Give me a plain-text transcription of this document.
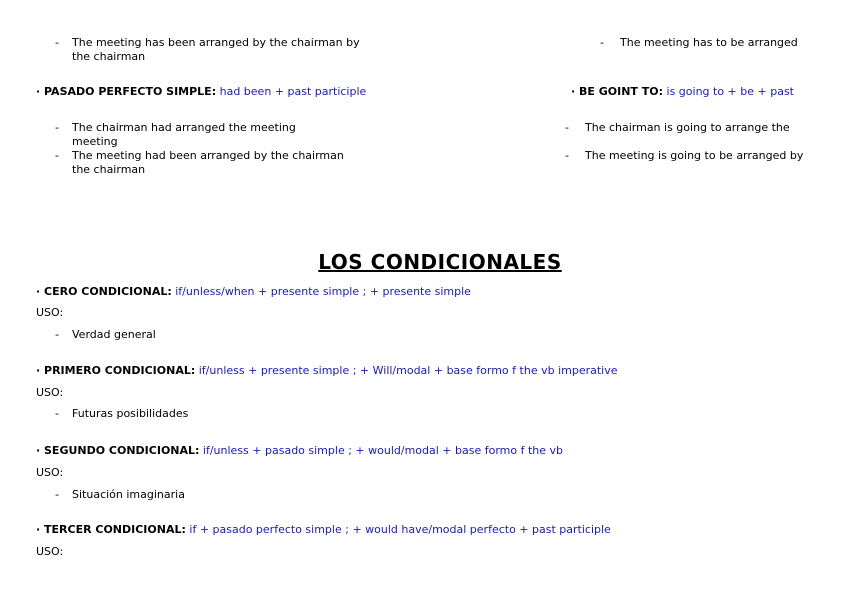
- The meeting has been arranged by the chairman by the chairman
· PASADO PERFECTO SIMPLE: had been + past participle
- The chairman had arranged the meeting meeting
- The meeting had been arranged by the chairman the chairman
- The meeting has to be arranged
· BE GOINT TO: is going to + be + past
- The chairman is going to arrange the
- The meeting is going to be arranged by
LOS CONDICIONALES
· CERO CONDICIONAL: if/unless/when + presente simple ; + presente simple
USO:
- Verdad general
· PRIMERO CONDICIONAL: if/unless + presente simple ; + Will/modal + base formo f the vb imperative
USO:
- Futuras posibilidades
· SEGUNDO CONDICIONAL: if/unless + pasado simple ; + would/modal + base formo f the vb
USO:
- Situación imaginaria
· TERCER CONDICIONAL: if + pasado perfecto simple ; + would have/modal perfecto + past participle
USO:
